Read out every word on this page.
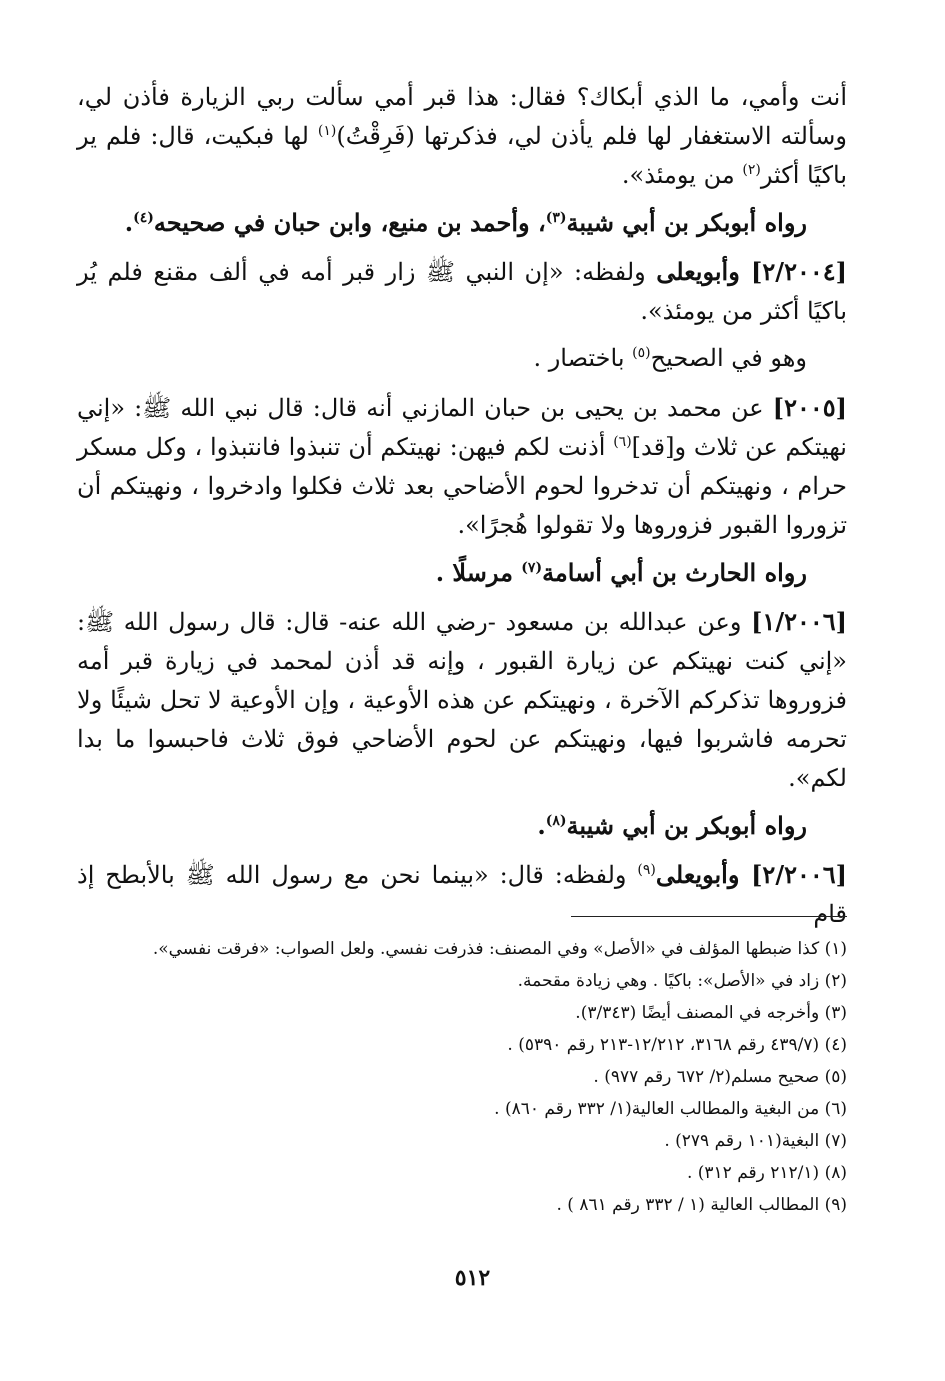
أنت وأمي، ما الذي أبكاك؟ فقال: هذا قبر أمي سألت ربي الزيارة فأذن لي، وسألته الاستغفار لها فلم يأذن لي، فذكرتها (فَرِقْتُ)$^{(١)}$ لها فبكيت، قال: فلم ير باكيًا أكثر$^{(٢)}$ من يومئذ».

رواه أبوبكر بن أبي شيبة$^{(٣)}$، وأحمد بن منيع، وابن حبان في صحيحه$^{(٤)}$.

[٢/٢٠٠٤] وأبويعلى ولفظه: «إن النبي ﷺ زار قبر أمه في ألف مقنع فلم يُر باكيًا أكثر من يومئذ».

وهو في الصحيح$^{(٥)}$ باختصار .

[٢٠٠٥] عن محمد بن يحيى بن حبان المازني أنه قال: قال نبي الله ﷺ: «إني نهيتكم عن ثلاث و[قد]$^{(٦)}$ أذنت لكم فيهن: نهيتكم أن تنبذوا فانتبذوا ، وكل مسكر حرام ، ونهيتكم أن تدخروا لحوم الأضاحي بعد ثلاث فكلوا وادخروا ، ونهيتكم أن تزوروا القبور فزوروها ولا تقولوا هُجرًا».

رواه الحارث بن أبي أسامة$^{(٧)}$ مرسلًا .

[١/٢٠٠٦] وعن عبدالله بن مسعود -رضي الله عنه- قال: قال رسول الله ﷺ: «إني كنت نهيتكم عن زيارة القبور ، وإنه قد أذن لمحمد في زيارة قبر أمه فزوروها تذكركم الآخرة ، ونهيتكم عن هذه الأوعية ، وإن الأوعية لا تحل شيئًا ولا تحرمه فاشربوا فيها، ونهيتكم عن لحوم الأضاحي فوق ثلاث فاحبسوا ما بدا لكم».

رواه أبوبكر بن أبي شيبة$^{(٨)}$.

[٢/٢٠٠٦] وأبويعلى$^{(٩)}$ ولفظه: قال: «بينما نحن مع رسول الله ﷺ بالأبطح إذ قام

(١) كذا ضبطها المؤلف في «الأصل» وفي المصنف: فذرفت نفسي. ولعل الصواب: «فرقت نفسي».

(٢) زاد في «الأصل»: باكيًا . وهي زيادة مقحمة.

(٣) وأخرجه في المصنف أيضًا (٣/٣٤٣).

(٤) (٤٣٩/٧ رقم ٣١٦٨، ١٢/٢١٢-٢١٣ رقم ٥٣٩٠) .

(٥) صحيح مسلم(٢/ ٦٧٢ رقم ٩٧٧) .

(٦) من البغية والمطالب العالية(١/ ٣٣٢ رقم ٨٦٠) .

(٧) البغية(١٠١ رقم ٢٧٩) .

(٨) (٢١٢/١ رقم ٣١٢) .

(٩) المطالب العالية (١ / ٣٣٢ رقم ٨٦١ ) .

٥١٢
